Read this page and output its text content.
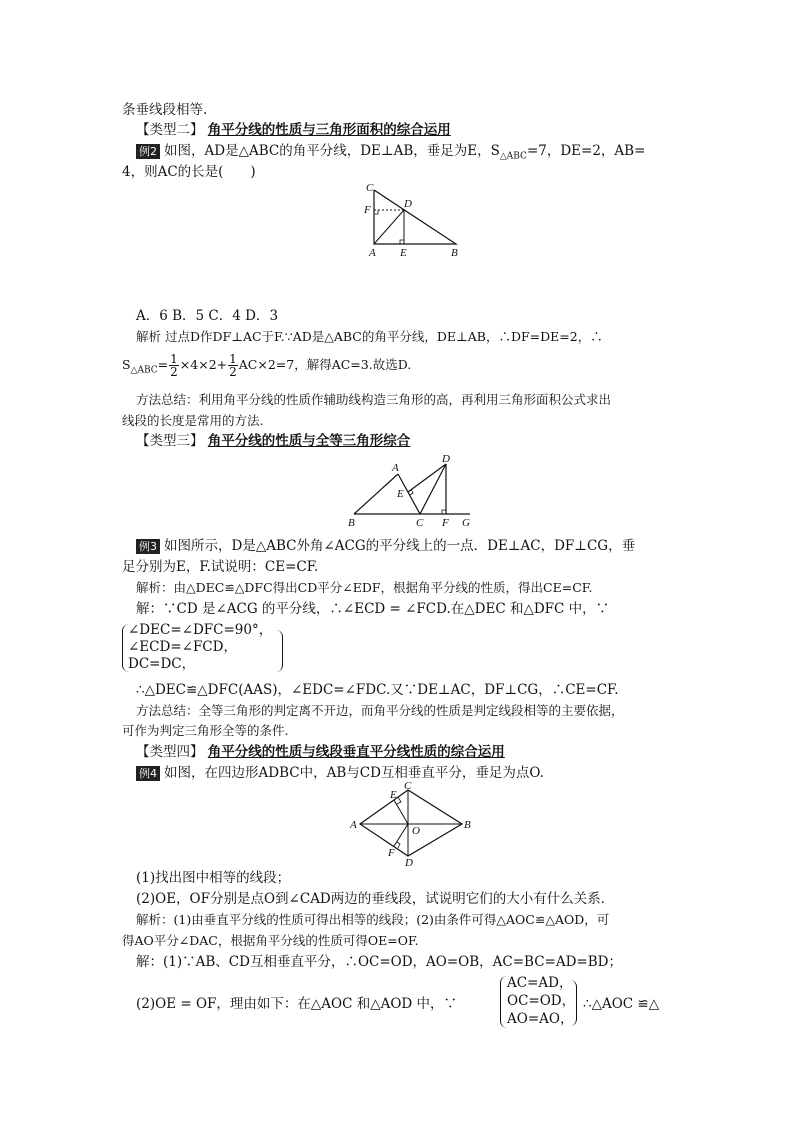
条垂线段相等.
【类型二】 角平分线的性质与三角形面积的综合运用
例2 如图，AD是△ABC的角平分线，DE⊥AB，垂足为E，$S_{\triangle ABC}=7$，DE=2，AB=
4，则AC的长是(　　)
C
F	D
A E	B
A．6 B．5 C．4 D．3
解析 过点D作DF⊥AC于F.∵AD是△ABC的角平分线，DE⊥AB，∴DF=DE=2，∴
$S_{\triangle ABC}= \frac{1}{2} \times 4\times 2+ \frac{1}{2} AC\times 2=7$，解得AC=3.故选D.
方法总结：利用角平分线的性质作辅助线构造三角形的高，再利用三角形面积公式求出
线段的长度是常用的方法.
【类型三】 角平分线的性质与全等三角形综合
A
D
E
B	C F G
例3 如图所示，D是△ABC外角∠ACG的平分线上的一点．DE⊥AC，DF⊥CG，垂
足分别为E，F.试说明：CE=CF.
解析：由△DEC≌△DFC得出CD平分∠EDF，根据角平分线的性质，得出CE=CF.
解：∵CD 是∠ACG 的平分线，∴∠ECD = ∠FCD.在△DEC 和△DFC 中，∵
∠DEC=∠DFC=90°，
∠ECD=∠FCD，
DC=DC，
∴△DEC≌△DFC(AAS)，∠EDC=∠FDC.又∵DE⊥AC，DF⊥CG，∴CE=CF.
方法总结：全等三角形的判定离不开边，而角平分线的性质是判定线段相等的主要依据，
可作为判定三角形全等的条件.
【类型四】 角平分线的性质与线段垂直平分线性质的综合运用
例4 如图，在四边形ADBC中，AB与CD互相垂直平分，垂足为点O.
C
E
A	O	B
F
D
(1)找出图中相等的线段；
(2)OE，OF分别是点O到∠CAD两边的垂线段，试说明它们的大小有什么关系．
解析：(1)由垂直平分线的性质可得出相等的线段；(2)由条件可得△AOC≌△AOD，可
得AO平分∠DAC，根据角平分线的性质可得OE=OF.
解：(1)∵AB、CD互相垂直平分，∴OC=OD，AO=OB，AC=BC=AD=BD；
(2)OE = OF，理由如下：在△AOC 和△AOD 中，∵
AC=AD，
OC=OD，
AO=AO，
∴△AOC ≌△
